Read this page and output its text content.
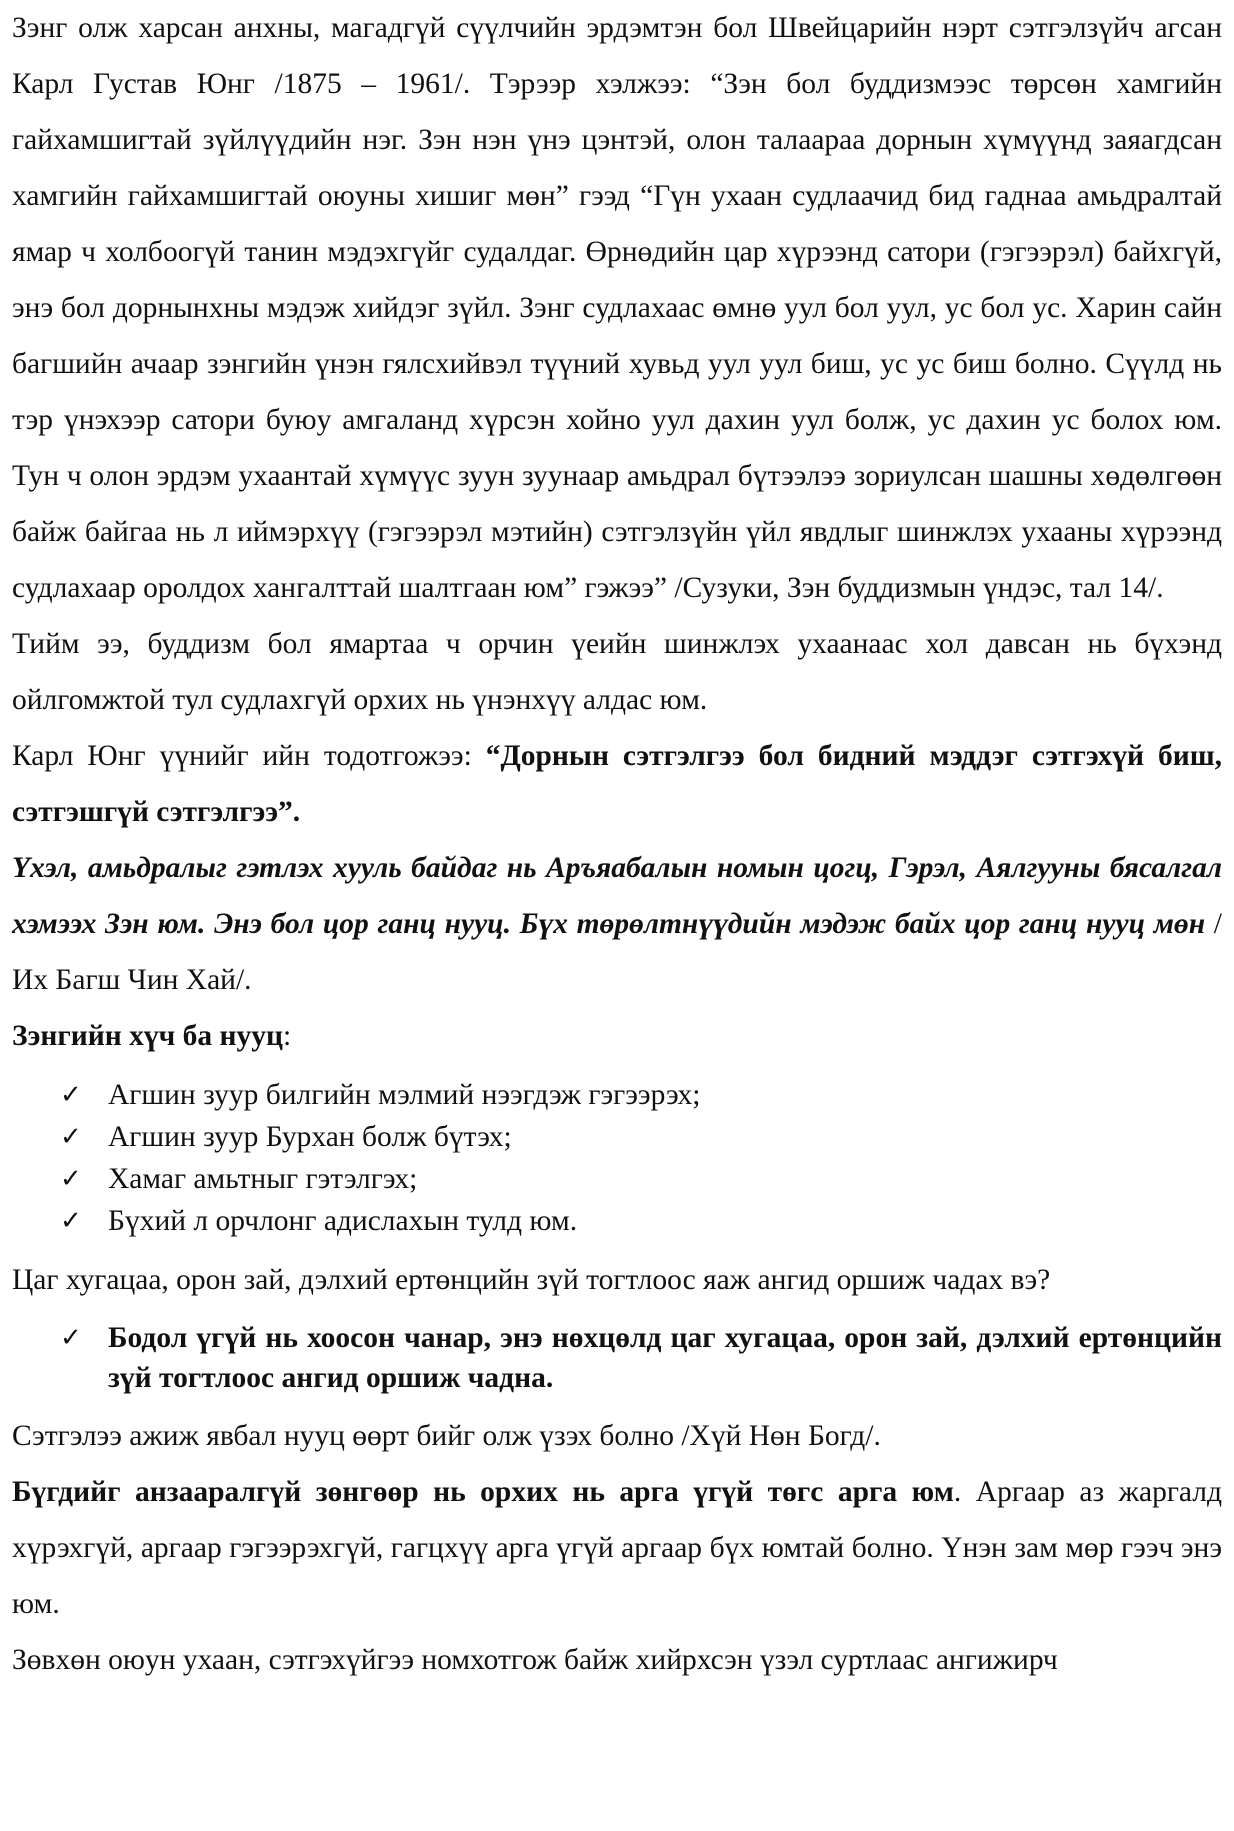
Зэнг олж харсан анхны, магадгүй сүүлчийн эрдэмтэн бол Швейцарийн нэрт сэтгэлзүйч агсан Карл Густав Юнг /1875 – 1961/. Тэрээр хэлжээ: “Зэн бол буддизмээс төрсөн хамгийн гайхамшигтай зүйлүүдийн нэг. Зэн нэн үнэ цэнтэй, олон талаараа дорнын хүмүүнд заяагдсан хамгийн гайхамшигтай оюуны хишиг мөн” гээд “Гүн ухаан судлаачид бид гаднаа амьдралтай ямар ч холбоогүй танин мэдэхгүйг судалдаг. Өрнөдийн цар хүрээнд сатори (гэгээрэл) байхгүй, энэ бол дорнынхны мэдэж хийдэг зүйл. Зэнг судлахаас өмнө уул бол уул, ус бол ус. Харин сайн багшийн ачаар зэнгийн үнэн гялсхийвэл түүний хувьд уул уул биш, ус ус биш болно. Сүүлд нь тэр үнэхээр сатори буюу амгаланд хүрсэн хойно уул дахин уул болж, ус дахин ус болох юм. Тун ч олон эрдэм ухаантай хүмүүс зуун зуунаар амьдрал бүтээлээ зориулсан шашны хөдөлгөөн байж байгаа нь л иймэрхүү (гэгээрэл мэтийн) сэтгэлзүйн үйл явдлыг шинжлэх ухааны хүрээнд судлахаар оролдох хангалттай шалтгаан юм” гэжээ” /Сузуки, Зэн буддизмын үндэс, тал 14/.

Тийм ээ, буддизм бол ямартаа ч орчин үеийн шинжлэх ухаанаас хол давсан нь бүхэнд ойлгомжтой тул судлахгүй орхих нь үнэнхүү алдас юм.

Карл Юнг үүнийг ийн тодотгожээ: “Дорнын сэтгэлгээ бол бидний мэддэг сэтгэхүй биш, сэтгэшгүй сэтгэлгээ”.

Үхэл, амьдралыг гэтлэх хууль байдаг нь Аръяабалын номын цогц, Гэрэл, Аялгууны бясалгал хэмээх Зэн юм. Энэ бол цор ганц нууц. Бүх төрөлтнүүдийн мэдэж байх цор ганц нууц мөн /Их Багш Чин Хай/.

Зэнгийн хүч ба нууц:

✓ Агшин зуур билгийн мэлмий нээгдэж гэгээрэх;
✓ Агшин зуур Бурхан болж бүтэх;
✓ Хамаг амьтныг гэтэлгэх;
✓ Бүхий л орчлонг адислахын тулд юм.

Цаг хугацаа, орон зай, дэлхий ертөнцийн зүй тогтлоос яаж ангид оршиж чадах вэ?

✓ Бодол үгүй нь хоосон чанар, энэ нөхцөлд цаг хугацаа, орон зай, дэлхий ертөнцийн зүй тогтлоос ангид оршиж чадна.

Сэтгэлээ ажиж явбал нууц өөрт бийг олж үзэх болно /Хүй Нөн Богд/.

Бүгдийг анзааралгүй зөнгөөр нь орхих нь арга үгүй төгс арга юм. Аргаар аз жаргалд хүрэхгүй, аргаар гэгээрэхгүй, гагцхүү арга үгүй аргаар бүх юмтай болно. Үнэн зам мөр гээч энэ юм.

Зөвхөн оюун ухаан, сэтгэхүйгээ номхотгож байж хийрхсэн үзэл суртлаас ангижирч
